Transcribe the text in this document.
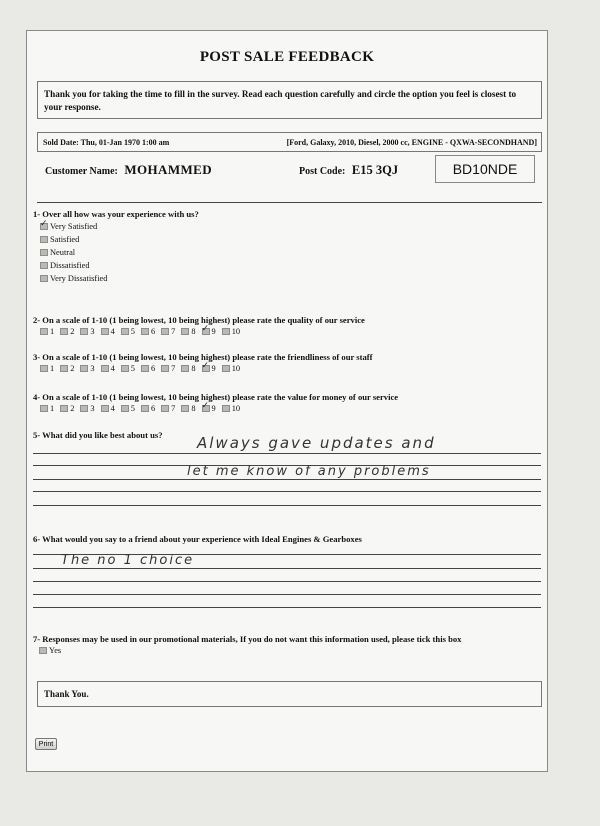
POST SALE FEEDBACK
Thank you for taking the time to fill in the survey. Read each question carefully and circle the option you feel is closest to your response.
Sold Date: Thu, 01-Jan 1970 1:00 am	[Ford, Galaxy, 2010, Diesel, 2000 cc, ENGINE - QXWA-SECONDHAND]
Customer Name: MOHAMMED	Post Code: E15 3QJ	BD10NDE
1- Over all how was your experience with us?
✓
Very Satisfied
Satisfied
Neutral
Dissatisfied
Very Dissatisfied
2- On a scale of 1-10 (1 being lowest, 10 being highest) please rate the quality of our service
1 2 3 4 5 6 7 8 ✓ 9 10
3- On a scale of 1-10 (1 being lowest, 10 being highest) please rate the friendliness of our staff
1 2 3 4 5 6 7 8 ✓ 9 10
4- On a scale of 1-10 (1 being lowest, 10 being highest) please rate the value for money of our service
1 2 3 4 5 6 7 8 ✓ 9 10
5- What did you like best about us? Always gave updates and
let me know of any problems
6- What would you say to a friend about your experience with Ideal Engines & Gearboxes
The no 1 choice
7- Responses may be used in our promotional materials, If you do not want this information used, please tick this box
Yes
Thank You.
Print
